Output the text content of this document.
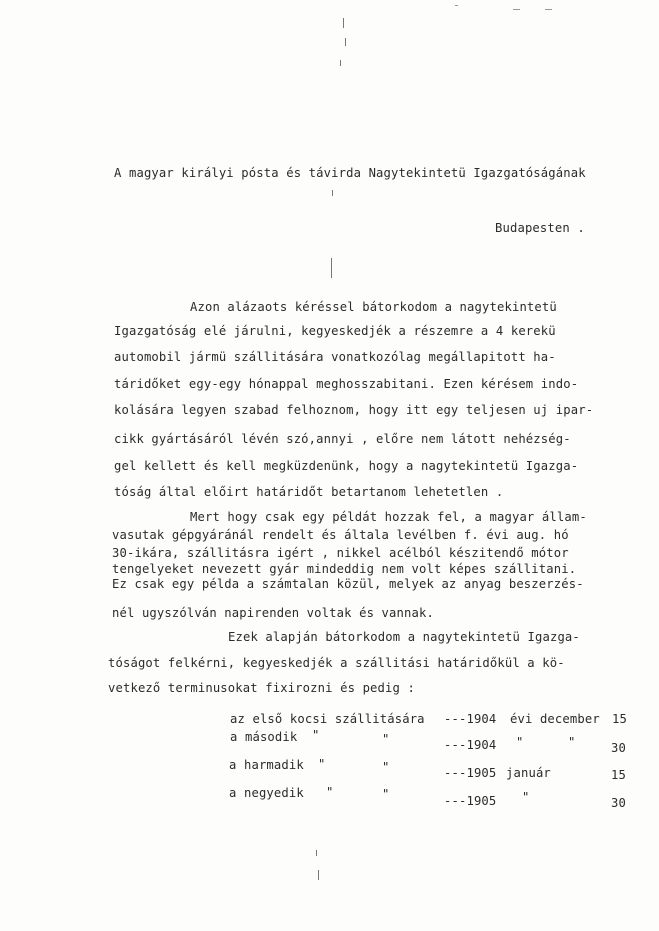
A magyar királyi pósta és távirda Nagytekintetü Igazgatóságának
Budapesten .
Azon alázaots kéréssel bátorkodom a nagytekintetü
Igazgatóság elé járulni, kegyeskedjék a részemre a 4 kerekü
automobil jármü szállitására vonatkozólag megállapitott ha-
táridőket egy-egy hónappal meghosszabitani. Ezen kérésem indo-
kolására legyen szabad felhoznom, hogy itt egy teljesen uj ipar-
cikk gyártásáról lévén szó,annyi , előre nem látott nehézség-
gel kellett és kell megküzdenünk, hogy a nagytekintetü Igazga-
tóság által előirt határidőt betartanom lehetetlen .
Mert hogy csak egy példát hozzak fel, a magyar állam-
vasutak gépgyáránál rendelt és általa levélben f. évi aug. hó
30-ikára, szállitásra igért , nikkel acélból készitendő mótor
tengelyeket nevezett gyár mindeddig nem volt képes szállitani.
Ez csak egy példa a számtalan közül, melyek az anyag beszerzés-
nél ugyszólván napirenden voltak és vannak.
Ezek alapján bátorkodom a nagytekintetü Igazga-
tóságot felkérni, kegyeskedjék a szállitási határidőkül a kö-
vetkező terminusokat fixirozni és pedig :
az első kocsi szállitására ---1904 évi december 15
a második "	"	---1904 "	"	30
a harmadik "	"	---1905 január	15
a negyedik "	"	---1905 "	30
